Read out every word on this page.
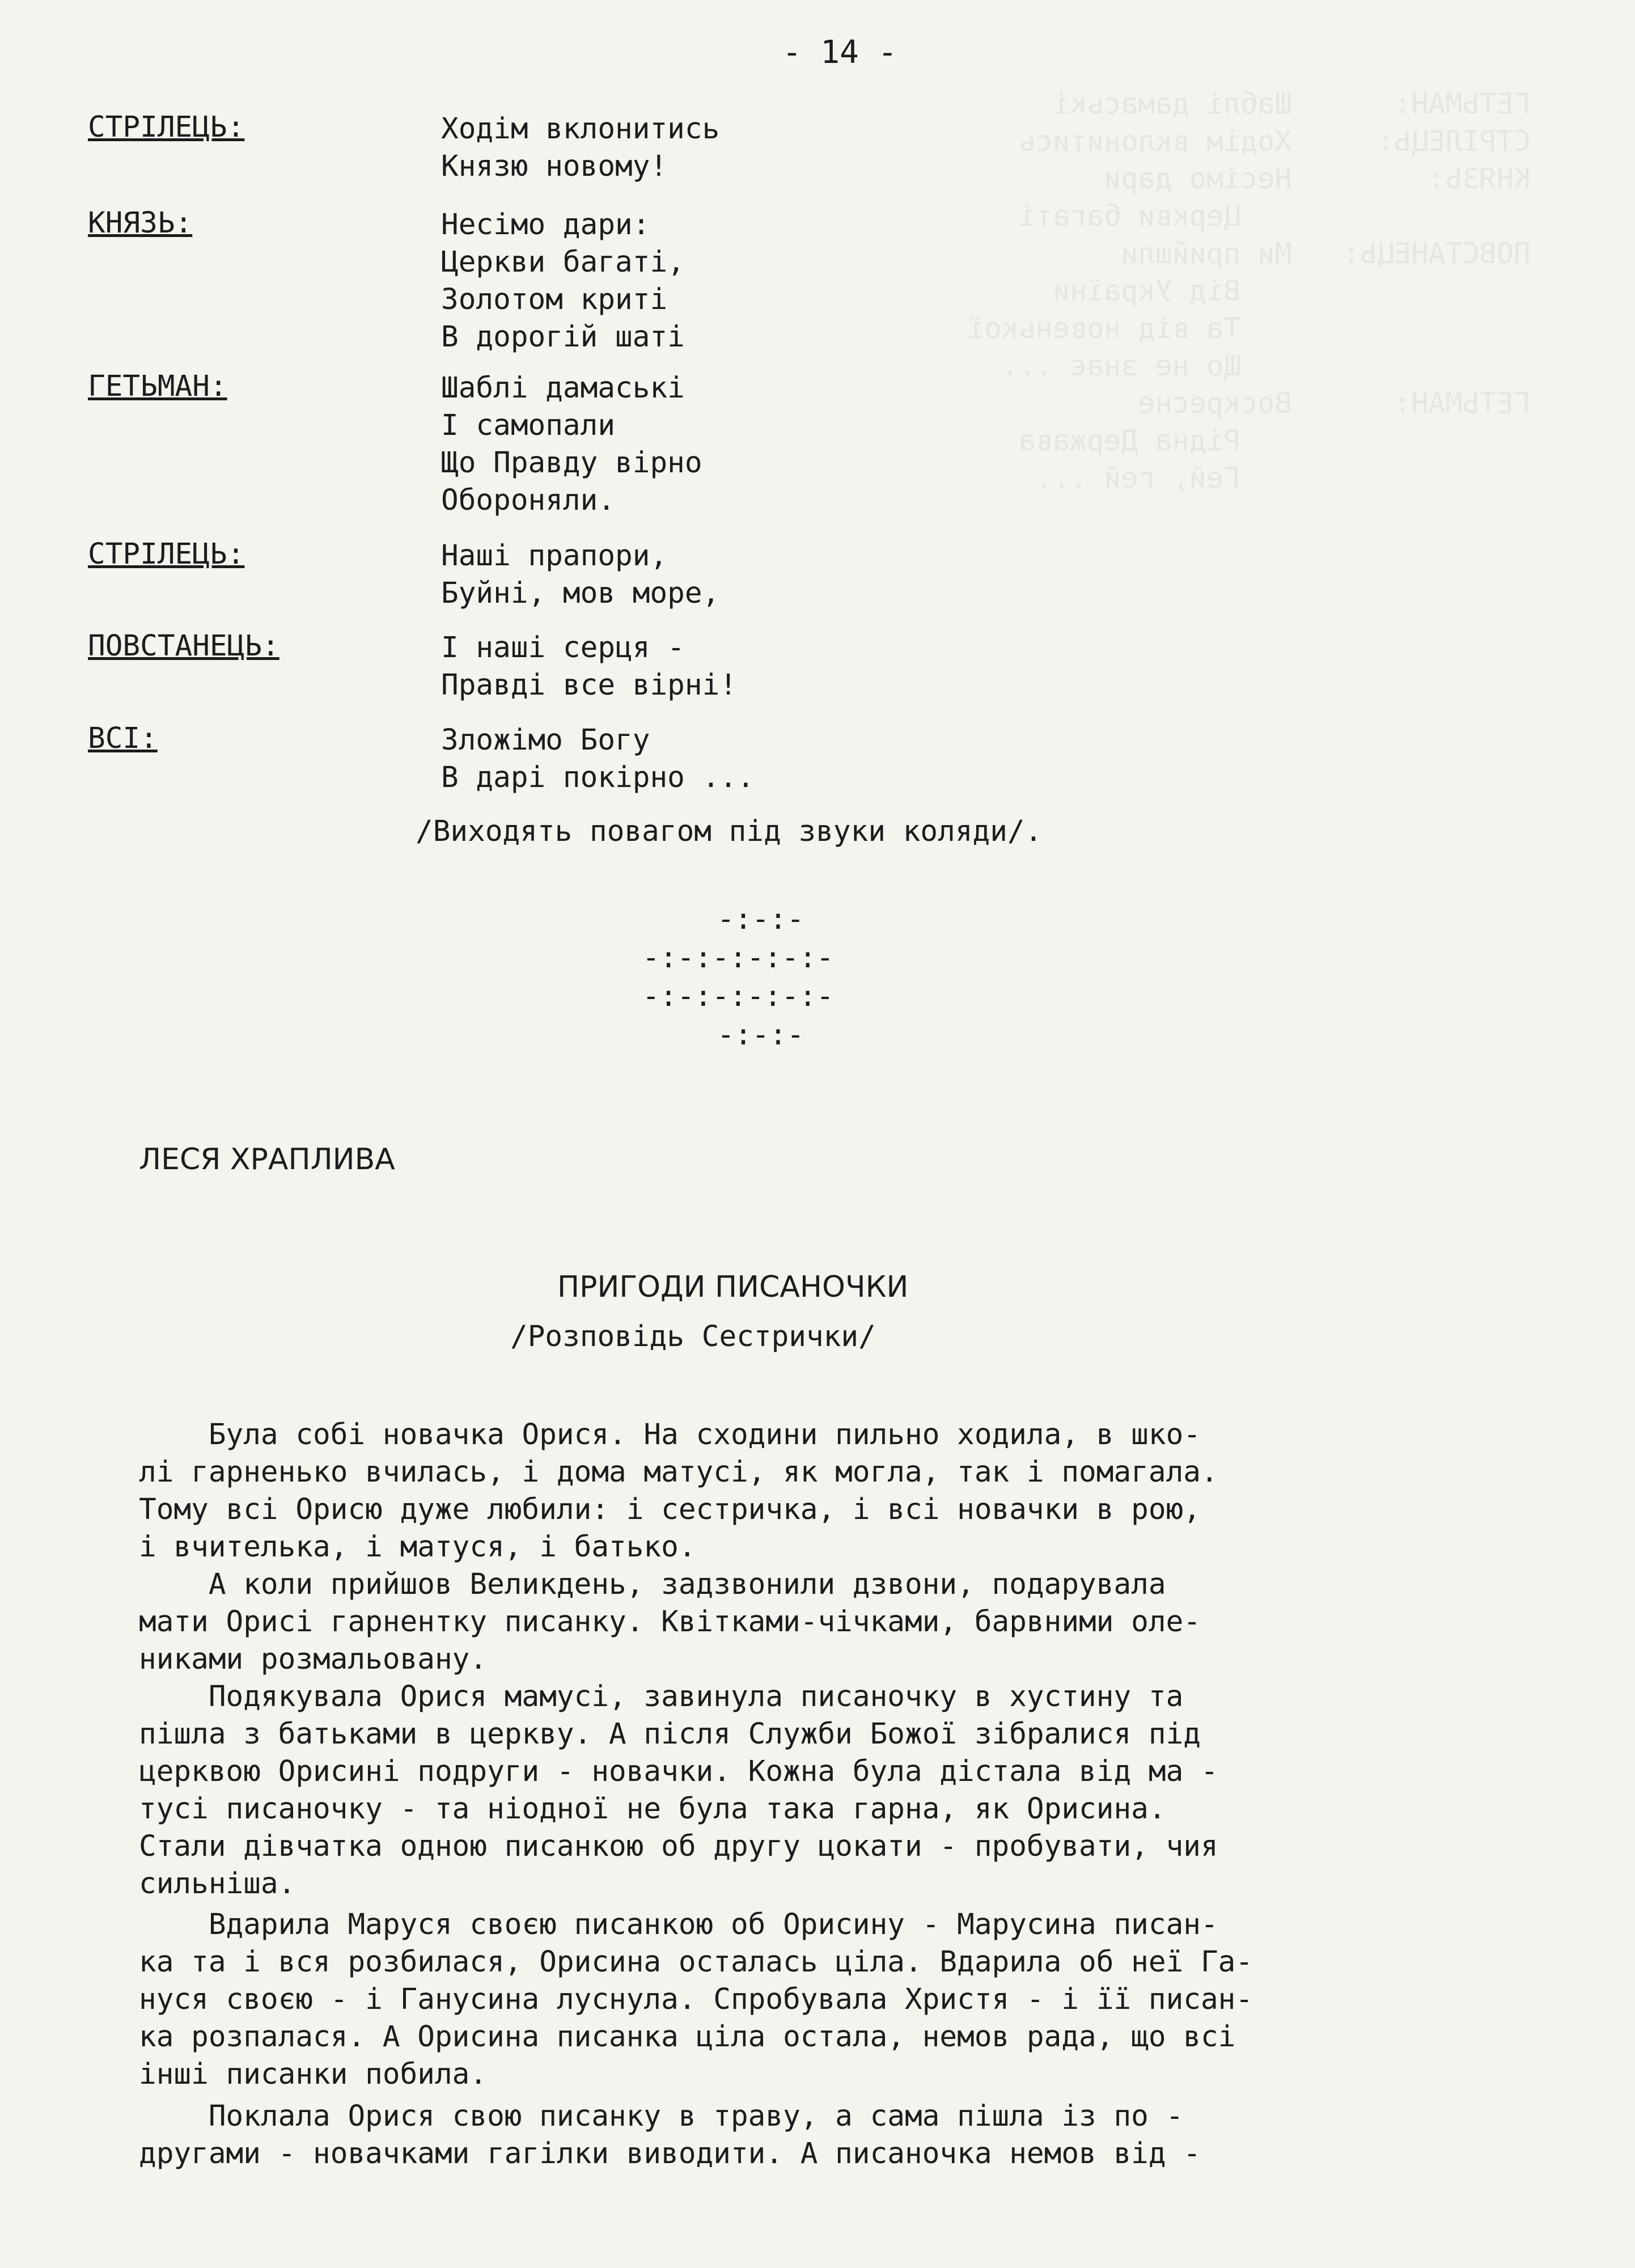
ГЕТЬМАН:      Шаблі дамаські
СТРІЛЕЦЬ:     Ходім вклонитись
КНЯЗЬ:        Несімо дари
Церкви багаті
ПОВСТАНЕЦЬ:   Ми прийшли
Від України
Та від новенької
Що не знає ...
ГЕТЬМАН:      Воскресне
Рідна Держава
Гей, гей ...
- 14 -
СТРІЛЕЦЬ:	Ходім вклонитись
Князю новому!
КНЯЗЬ:	Несімо дари:
Церкви багаті,
Золотом криті
В дорогій шаті
ГЕТЬМАН:	Шаблі дамаські
І самопали
Що Правду вірно
Обороняли.
СТРІЛЕЦЬ:	Наші прапори,
Буйні, мов море,
ПОВСТАНЕЦЬ:	І наші серця -
Правді все вірні!
ВСІ:	Зложімо Богу
В дарі покірно ...
/Виходять повагом під звуки коляди/.
-:-:-
-:-:-:-:-:-
-:-:-:-:-:-
-:-:-
ЛЕСЯ ХРАПЛИВА
ПРИГОДИ ПИСАНОЧКИ
/Розповідь Сестрички/

Була собі новачка Орися. На сходини пильно ходила, в шко-
лі гарненько вчилась, і дома матусі, як могла, так і помагала.
Тому всі Орисю дуже любили: і сестричка, і всі новачки в рою,
і вчителька, і матуся, і батько.

А коли прийшов Великдень, задзвонили дзвони, подарувала
мати Орисі гарнентку писанку. Квітками-чічками, барвними оле-
никами розмальовану.

Подякувала Орися мамусі, завинула писаночку в хустину та
пішла з батьками в церкву. А після Служби Божої зібралися під
церквою Орисині подруги - новачки. Кожна була дістала від ма -
тусі писаночку - та ніодної не була така гарна, як Орисина.
Стали дівчатка одною писанкою об другу цокати - пробувати, чия
сильніша.

Вдарила Маруся своєю писанкою об Орисину - Марусина писан-
ка та і вся розбилася, Орисина осталась ціла. Вдарила об неї Га-
нуся своєю - і Ганусина луснула. Спробувала Христя - і її писан-
ка розпалася. А Орисина писанка ціла остала, немов рада, що всі
інші писанки побила.

Поклала Орися свою писанку в траву, а сама пішла із по -
другами - новачками гагілки виводити. А писаночка немов від -
